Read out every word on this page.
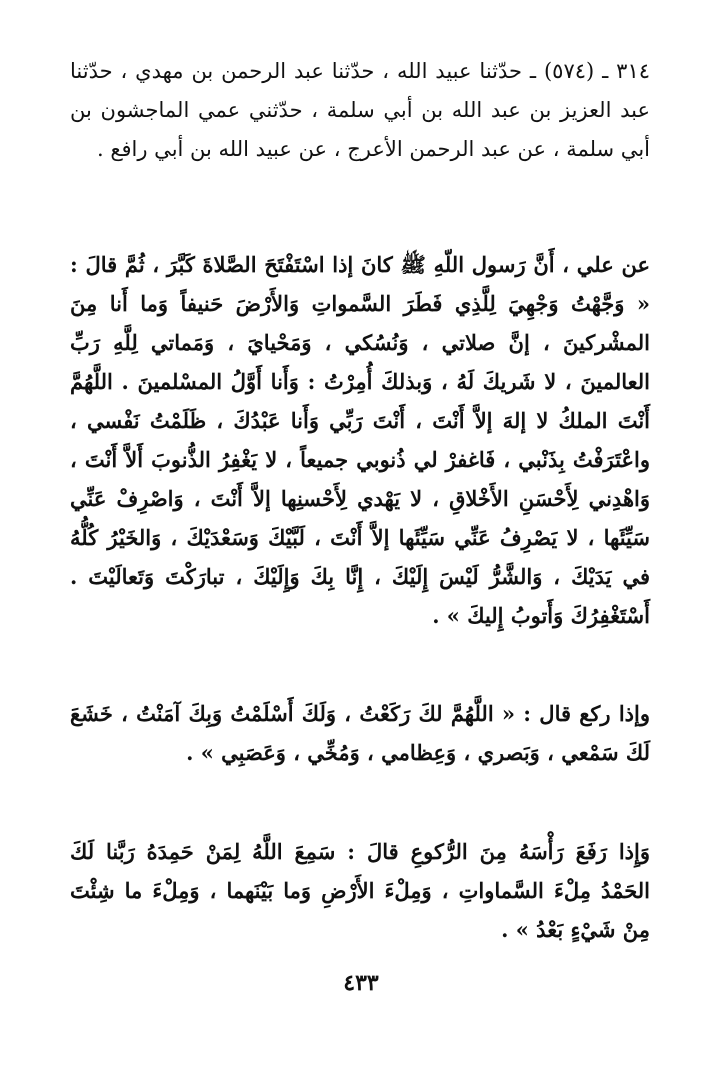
٣١٤ ـ (٥٧٤) ـ حدّثنا عبيد الله ، حدّثنا عبد الرحمن بن مهدي ، حدّثنا عبد العزيز بن عبد الله بن أبي سلمة ، حدّثني عمي الماجشون بن أبي سلمة ، عن عبد الرحمن الأعرج ، عن عبيد الله بن أبي رافع .

عن علي ، أَنَّ رَسول اللّهِ ﷺ كانَ إذا اسْتَفْتَحَ الصَّلاةَ كَبَّرَ ، ثُمَّ قالَ : « وَجَّهْتُ وَجْهِيَ لِلَّذِي فَطَرَ السَّمواتِ وَالأَرْضَ حَنيفاً وَما أَنا مِنَ المشْركينَ ، إنَّ صلاتي ، وَنُسُكي ، وَمَحْيايَ ، وَمَماتي لِلَّهِ رَبِّ العالمينَ ، لا شَريكَ لَهُ ، وَبذلكَ أُمِرْتُ : وَأَنا أَوَّلُ المسْلمينَ . اللَّهُمَّ أَنْتَ الملكُ لا إلهَ إلاَّ أَنْتَ ، أَنْتَ رَبِّي وَأَنا عَبْدُكَ ، ظَلَمْتُ نَفْسي ، واعْتَرَفْتُ بِذَنْبي ، فَاغفرْ لي ذُنوبي جميعاً ، لا يَغْفِرُ الذُّنوبَ أَلاَّ أَنْتَ ، وَاهْدِني لِأَحْسَنِ الأَخْلاقِ ، لا يَهْدي لِأَحْسنِها إلاَّ أَنْتَ ، وَاصْرِفْ عَنِّي سَيِّئَها ، لا يَصْرِفُ عَنِّي سَيِّئَها إلاَّ أَنْتَ ، لَبَّيْكَ وَسَعْدَيْكَ ، وَالخَيْرُ كُلُّهُ في يَدَيْكَ ، وَالشَّرُّ لَيْسَ إِلَيْكَ ، إِنَّا بِكَ وَإِلَيْكَ ، تبارَكْتَ وَتَعالَيْتَ . أَسْتَغْفِرُكَ وَأَتوبُ إِليكَ » .

وإذا ركع قال : « اللَّهُمَّ لكَ رَكَعْتُ ، وَلَكَ أَسْلَمْتُ وَبِكَ آمَنْتُ ، خَشَعَ لَكَ سَمْعي ، وَبَصري ، وَعِظامي ، وَمُخِّي ، وَعَصَبِي » .

وَإِذا رَفَعَ رَأْسَهُ مِنَ الرُّكوعِ قالَ : سَمِعَ اللَّهُ لِمَنْ حَمِدَهُ رَبَّنا لَكَ الحَمْدُ مِلْءَ السَّماواتِ ، وَمِلْءَ الأَرْضِ وَما بَيْنَهما ، وَمِلْءَ ما شِئْتَ مِنْ شَيْءٍ بَعْدُ » .

٤٣٣
